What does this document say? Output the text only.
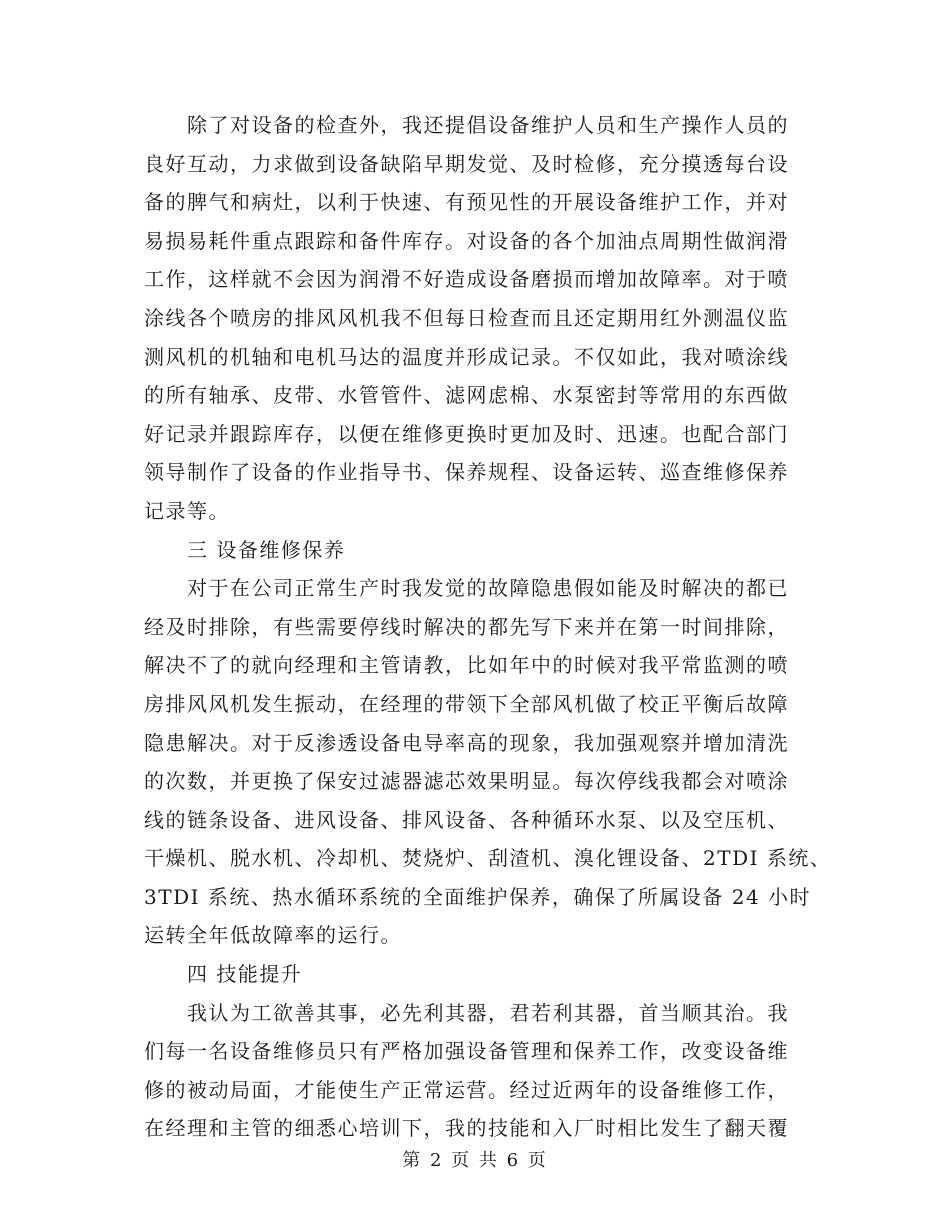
除了对设备的检查外，我还提倡设备维护人员和生产操作人员的
良好互动，力求做到设备缺陷早期发觉、及时检修，充分摸透每台设
备的脾气和病灶，以利于快速、有预见性的开展设备维护工作，并对
易损易耗件重点跟踪和备件库存。对设备的各个加油点周期性做润滑
工作，这样就不会因为润滑不好造成设备磨损而增加故障率。对于喷
涂线各个喷房的排风风机我不但每日检查而且还定期用红外测温仪监
测风机的机轴和电机马达的温度并形成记录。不仅如此，我对喷涂线
的所有轴承、皮带、水管管件、滤网虑棉、水泵密封等常用的东西做
好记录并跟踪库存，以便在维修更换时更加及时、迅速。也配合部门
领导制作了设备的作业指导书、保养规程、设备运转、巡查维修保养
记录等。
三 设备维修保养
对于在公司正常生产时我发觉的故障隐患假如能及时解决的都已
经及时排除，有些需要停线时解决的都先写下来并在第一时间排除，
解决不了的就向经理和主管请教，比如年中的时候对我平常监测的喷
房排风风机发生振动，在经理的带领下全部风机做了校正平衡后故障
隐患解决。对于反渗透设备电导率高的现象，我加强观察并增加清洗
的次数，并更换了保安过滤器滤芯效果明显。每次停线我都会对喷涂
线的链条设备、进风设备、排风设备、各种循环水泵、以及空压机、
干燥机、脱水机、冷却机、焚烧炉、刮渣机、溴化锂设备、2TDI 系统、
3TDI 系统、热水循环系统的全面维护保养，确保了所属设备 24 小时
运转全年低故障率的运行。
四 技能提升
我认为工欲善其事，必先利其器，君若利其器，首当顺其治。我
们每一名设备维修员只有严格加强设备管理和保养工作，改变设备维
修的被动局面，才能使生产正常运营。经过近两年的设备维修工作，
在经理和主管的细悉心培训下，我的技能和入厂时相比发生了翻天覆
第 2 页 共 6 页
